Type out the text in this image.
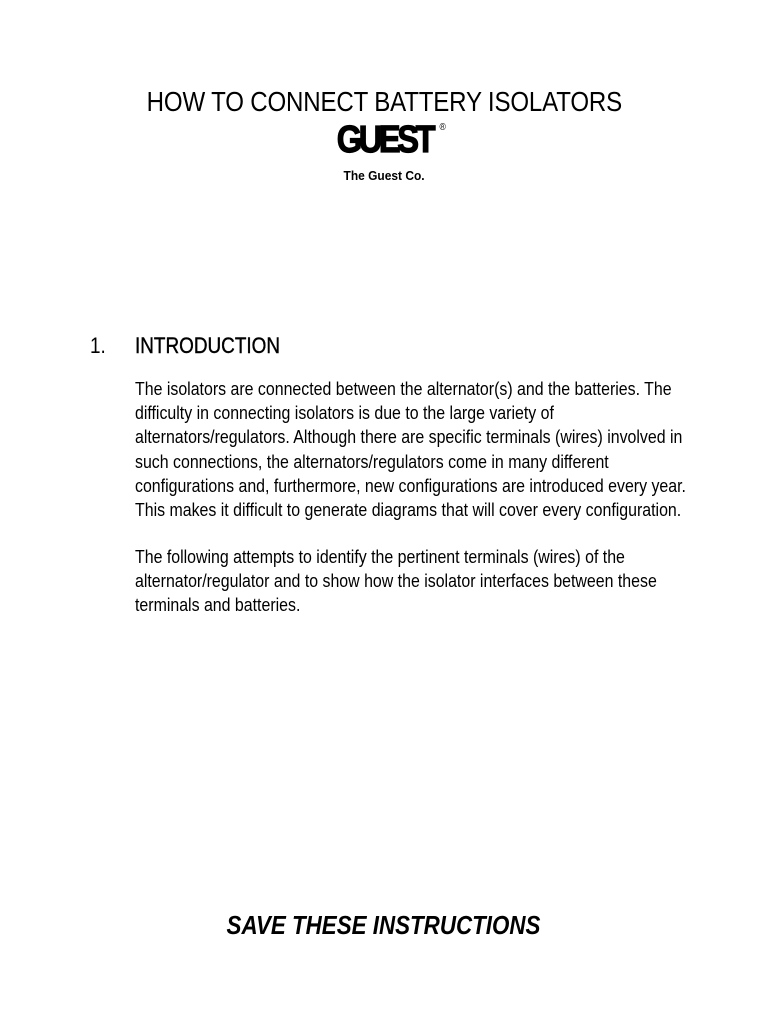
HOW TO CONNECT BATTERY ISOLATORS
GUEST ®
The Guest Co.
1. INTRODUCTION

The isolators are connected between the alternator(s) and the batteries. The
difficulty in connecting isolators is due to the large variety of
alternators/regulators. Although there are specific terminals (wires) involved in
such connections, the alternators/regulators come in many different
configurations and, furthermore, new configurations are introduced every year.
This makes it difficult to generate diagrams that will cover every configuration.

The following attempts to identify the pertinent terminals (wires) of the
alternator/regulator and to show how the isolator interfaces between these
terminals and batteries.

SAVE THESE INSTRUCTIONS
